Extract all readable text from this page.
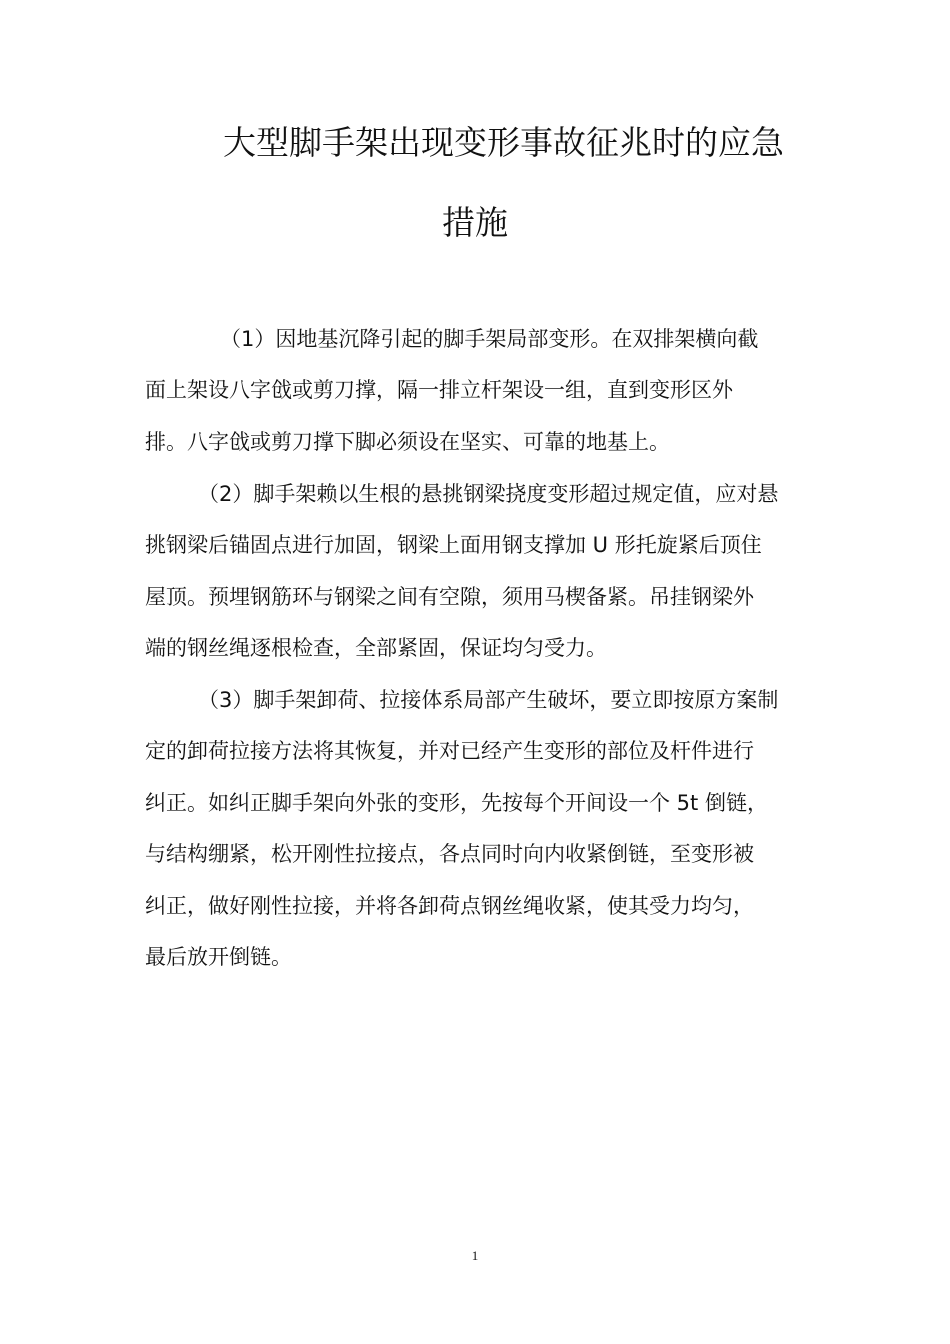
大型脚手架出现变形事故征兆时的应急
措施
（1）因地基沉降引起的脚手架局部变形。在双排架横向截
面上架设八字戗或剪刀撑，隔一排立杆架设一组，直到变形区外
排。八字戗或剪刀撑下脚必须设在坚实、可靠的地基上。
（2）脚手架赖以生根的悬挑钢梁挠度变形超过规定值，应对悬
挑钢梁后锚固点进行加固，钢梁上面用钢支撑加 U 形托旋紧后顶住
屋顶。预埋钢筋环与钢梁之间有空隙，须用马楔备紧。吊挂钢梁外
端的钢丝绳逐根检查，全部紧固，保证均匀受力。
（3）脚手架卸荷、拉接体系局部产生破坏，要立即按原方案制
定的卸荷拉接方法将其恢复，并对已经产生变形的部位及杆件进行
纠正。如纠正脚手架向外张的变形，先按每个开间设一个 5t 倒链，
与结构绷紧，松开刚性拉接点，各点同时向内收紧倒链，至变形被
纠正，做好刚性拉接，并将各卸荷点钢丝绳收紧，使其受力均匀，
最后放开倒链。
1
